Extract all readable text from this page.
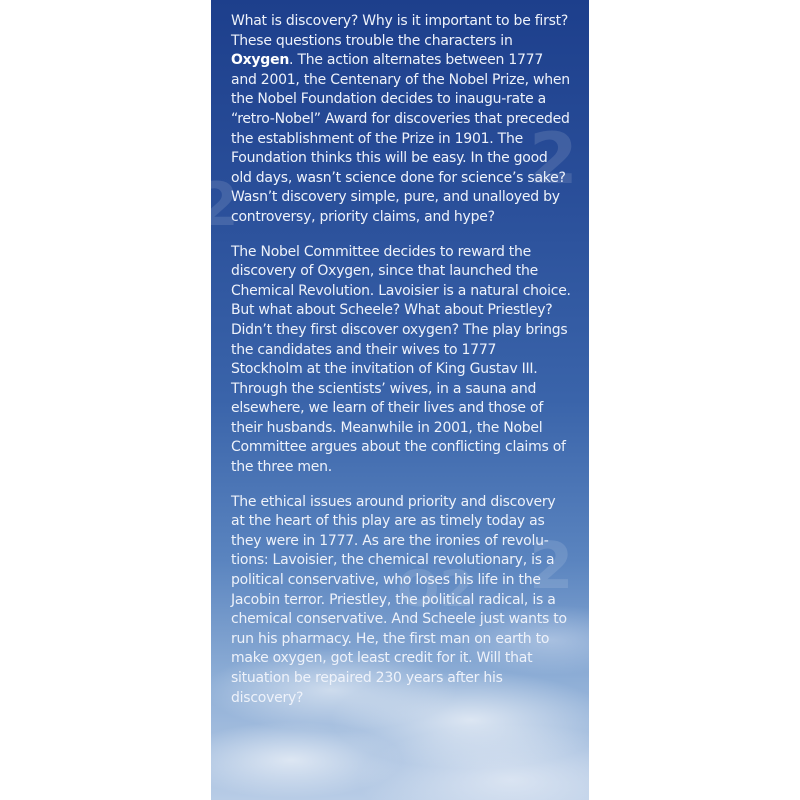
2
2
O2 2

What is discovery? Why is it important to be first? These questions trouble the characters in Oxygen. The action alternates between 1777 and 2001, the Centenary of the Nobel Prize, when the Nobel Foundation decides to inaugu-rate a “retro-Nobel” Award for discoveries that preceded the establishment of the Prize in 1901. The Foundation thinks this will be easy. In the good old days, wasn’t science done for science’s sake? Wasn’t discovery simple, pure, and unalloyed by controversy, priority claims, and hype?

The Nobel Committee decides to reward the discovery of Oxygen, since that launched the Chemical Revolution. Lavoisier is a natural choice. But what about Scheele? What about Priestley? Didn’t they first discover oxygen? The play brings the candidates and their wives to 1777 Stockholm at the invitation of King Gustav III. Through the scientists’ wives, in a sauna and elsewhere, we learn of their lives and those of their husbands. Meanwhile in 2001, the Nobel Committee argues about the conflicting claims of the three men.

The ethical issues around priority and discovery at the heart of this play are as timely today as they were in 1777. As are the ironies of revolu-tions: Lavoisier, the chemical revolutionary, is a political conservative, who loses his life in the Jacobin terror. Priestley, the political radical, is a chemical conservative. And Scheele just wants to run his pharmacy. He, the first man on earth to make oxygen, got least credit for it. Will that situation be repaired 230 years after his discovery?
